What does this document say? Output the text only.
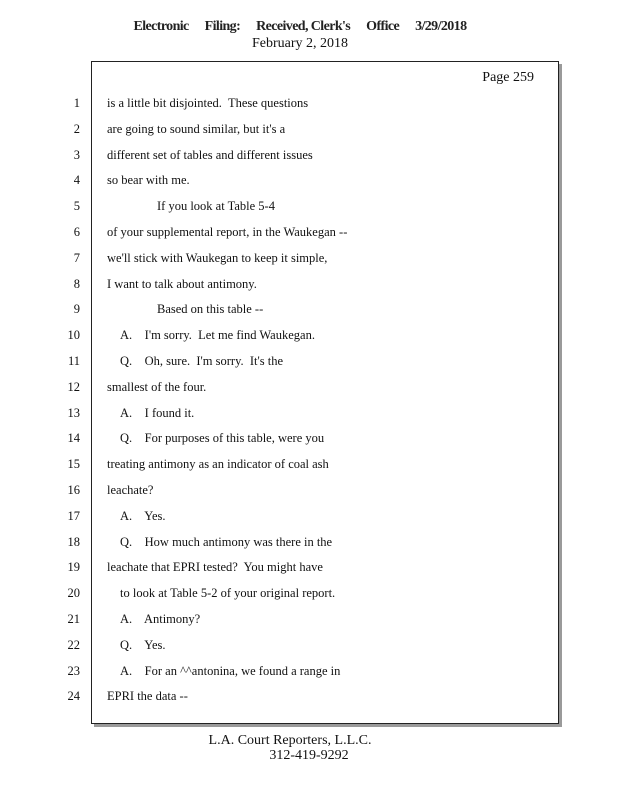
Electronic Filing: Received, Clerk's Office 3/29/2018
February 2, 2018
Page 259
1 is a little bit disjointed.  These questions
2 are going to sound similar, but it's a
3 different set of tables and different issues
4 so bear with me.
5	If you look at Table 5-4
6 of your supplemental report, in the Waukegan --
7 we'll stick with Waukegan to keep it simple,
8 I want to talk about antimony.
9	Based on this table --
10	A.    I'm sorry.  Let me find Waukegan.
11	Q.    Oh, sure.  I'm sorry.  It's the
12 smallest of the four.
13	A.    I found it.
14	Q.    For purposes of this table, were you
15 treating antimony as an indicator of coal ash
16 leachate?
17	A.    Yes.
18	Q.    How much antimony was there in the
19 leachate that EPRI tested?  You might have
20	to look at Table 5-2 of your original report.
21	A.    Antimony?
22	Q.    Yes.
23	A.    For an ^^antonina, we found a range in
24 EPRI the data --
L.A. Court Reporters, L.L.C.
312-419-9292
